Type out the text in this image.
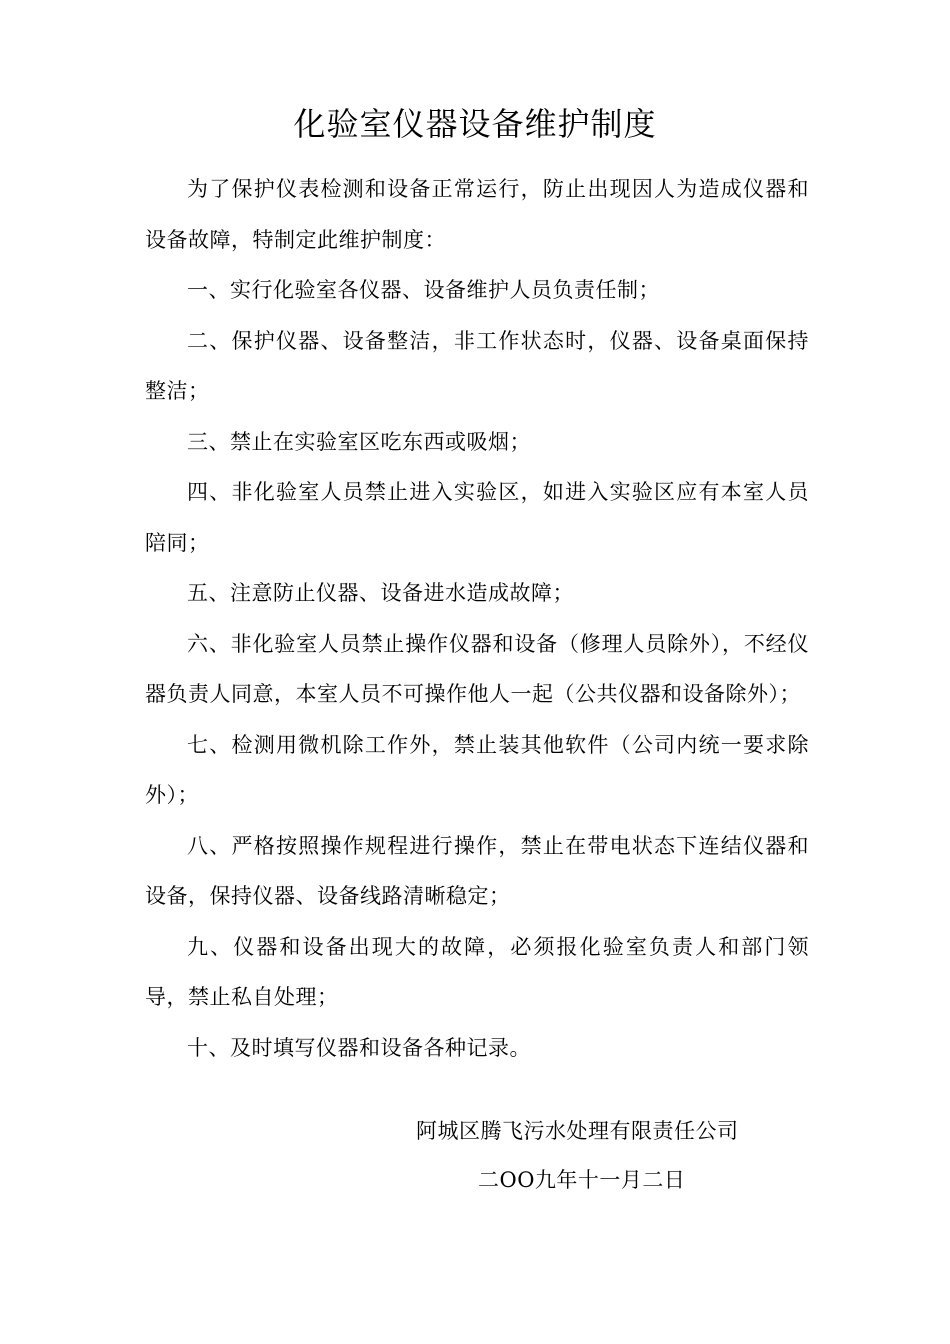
化验室仪器设备维护制度

为了保护仪表检测和设备正常运行，防止出现因人为造成仪器和设备故障，特制定此维护制度：

一、实行化验室各仪器、设备维护人员负责任制；

二、保护仪器、设备整洁，非工作状态时，仪器、设备桌面保持整洁；

三、禁止在实验室区吃东西或吸烟；

四、非化验室人员禁止进入实验区，如进入实验区应有本室人员陪同；

五、注意防止仪器、设备进水造成故障；

六、非化验室人员禁止操作仪器和设备（修理人员除外），不经仪器负责人同意，本室人员不可操作他人一起（公共仪器和设备除外）；

七、检测用微机除工作外，禁止装其他软件（公司内统一要求除外）；

八、严格按照操作规程进行操作，禁止在带电状态下连结仪器和设备，保持仪器、设备线路清晰稳定；

九、仪器和设备出现大的故障，必须报化验室负责人和部门领导，禁止私自处理；

十、及时填写仪器和设备各种记录。

阿城区腾飞污水处理有限责任公司
二OO九年十一月二日
